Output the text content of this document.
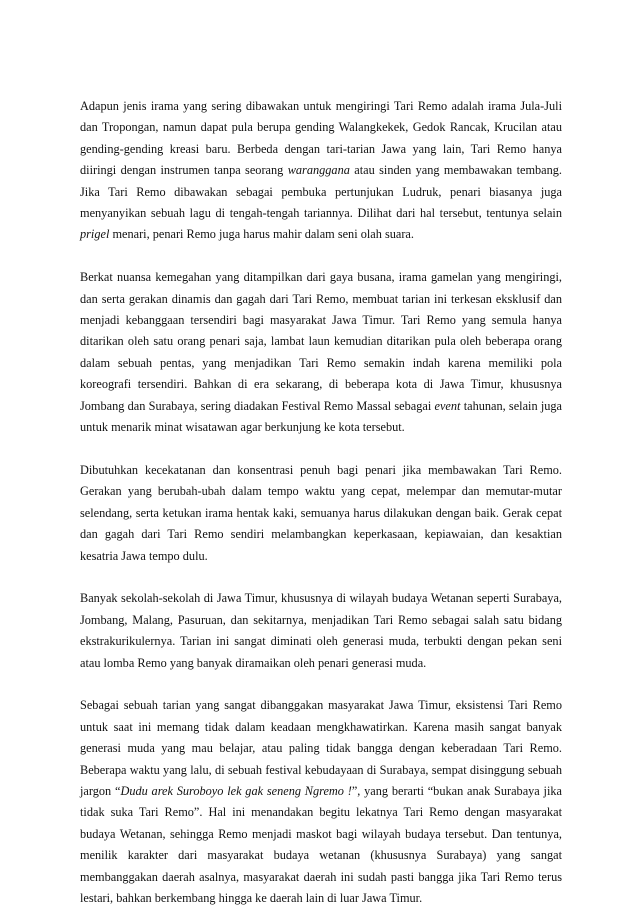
Adapun jenis irama yang sering dibawakan untuk mengiringi Tari Remo adalah irama Jula-Juli dan Tropongan, namun dapat pula berupa gending Walangkekek, Gedok Rancak, Krucilan atau gending-gending kreasi baru. Berbeda dengan tari-tarian Jawa yang lain, Tari Remo hanya diiringi dengan instrumen tanpa seorang waranggana atau sinden yang membawakan tembang. Jika Tari Remo dibawakan sebagai pembuka pertunjukan Ludruk, penari biasanya juga menyanyikan sebuah lagu di tengah-tengah tariannya. Dilihat dari hal tersebut, tentunya selain prigel menari, penari Remo juga harus mahir dalam seni olah suara.

Berkat nuansa kemegahan yang ditampilkan dari gaya busana, irama gamelan yang mengiringi, dan serta gerakan dinamis dan gagah dari Tari Remo, membuat tarian ini terkesan eksklusif dan menjadi kebanggaan tersendiri bagi masyarakat Jawa Timur. Tari Remo yang semula hanya ditarikan oleh satu orang penari saja, lambat laun kemudian ditarikan pula oleh beberapa orang dalam sebuah pentas, yang menjadikan Tari Remo semakin indah karena memiliki pola koreografi tersendiri. Bahkan di era sekarang, di beberapa kota di Jawa Timur, khususnya Jombang dan Surabaya, sering diadakan Festival Remo Massal sebagai event tahunan, selain juga untuk menarik minat wisatawan agar berkunjung ke kota tersebut.

Dibutuhkan kecekatanan dan konsentrasi penuh bagi penari jika membawakan Tari Remo. Gerakan yang berubah-ubah dalam tempo waktu yang cepat, melempar dan memutar-mutar selendang, serta ketukan irama hentak kaki, semuanya harus dilakukan dengan baik. Gerak cepat dan gagah dari Tari Remo sendiri melambangkan keperkasaan, kepiawaian, dan kesaktian kesatria Jawa tempo dulu.

Banyak sekolah-sekolah di Jawa Timur, khususnya di wilayah budaya Wetanan seperti Surabaya, Jombang, Malang, Pasuruan, dan sekitarnya, menjadikan Tari Remo sebagai salah satu bidang ekstrakurikulernya. Tarian ini sangat diminati oleh generasi muda, terbukti dengan pekan seni atau lomba Remo yang banyak diramaikan oleh penari generasi muda.

Sebagai sebuah tarian yang sangat dibanggakan masyarakat Jawa Timur, eksistensi Tari Remo untuk saat ini memang tidak dalam keadaan mengkhawatirkan. Karena masih sangat banyak generasi muda yang mau belajar, atau paling tidak bangga dengan keberadaan Tari Remo. Beberapa waktu yang lalu, di sebuah festival kebudayaan di Surabaya, sempat disinggung sebuah jargon “Dudu arek Suroboyo lek gak seneng Ngremo !”, yang berarti “bukan anak Surabaya jika tidak suka Tari Remo”. Hal ini menandakan begitu lekatnya Tari Remo dengan masyarakat budaya Wetanan, sehingga Remo menjadi maskot bagi wilayah budaya tersebut. Dan tentunya, menilik karakter dari masyarakat budaya wetanan (khususnya Surabaya) yang sangat membanggakan daerah asalnya, masyarakat daerah ini sudah pasti bangga jika Tari Remo terus lestari, bahkan berkembang hingga ke daerah lain di luar Jawa Timur.
